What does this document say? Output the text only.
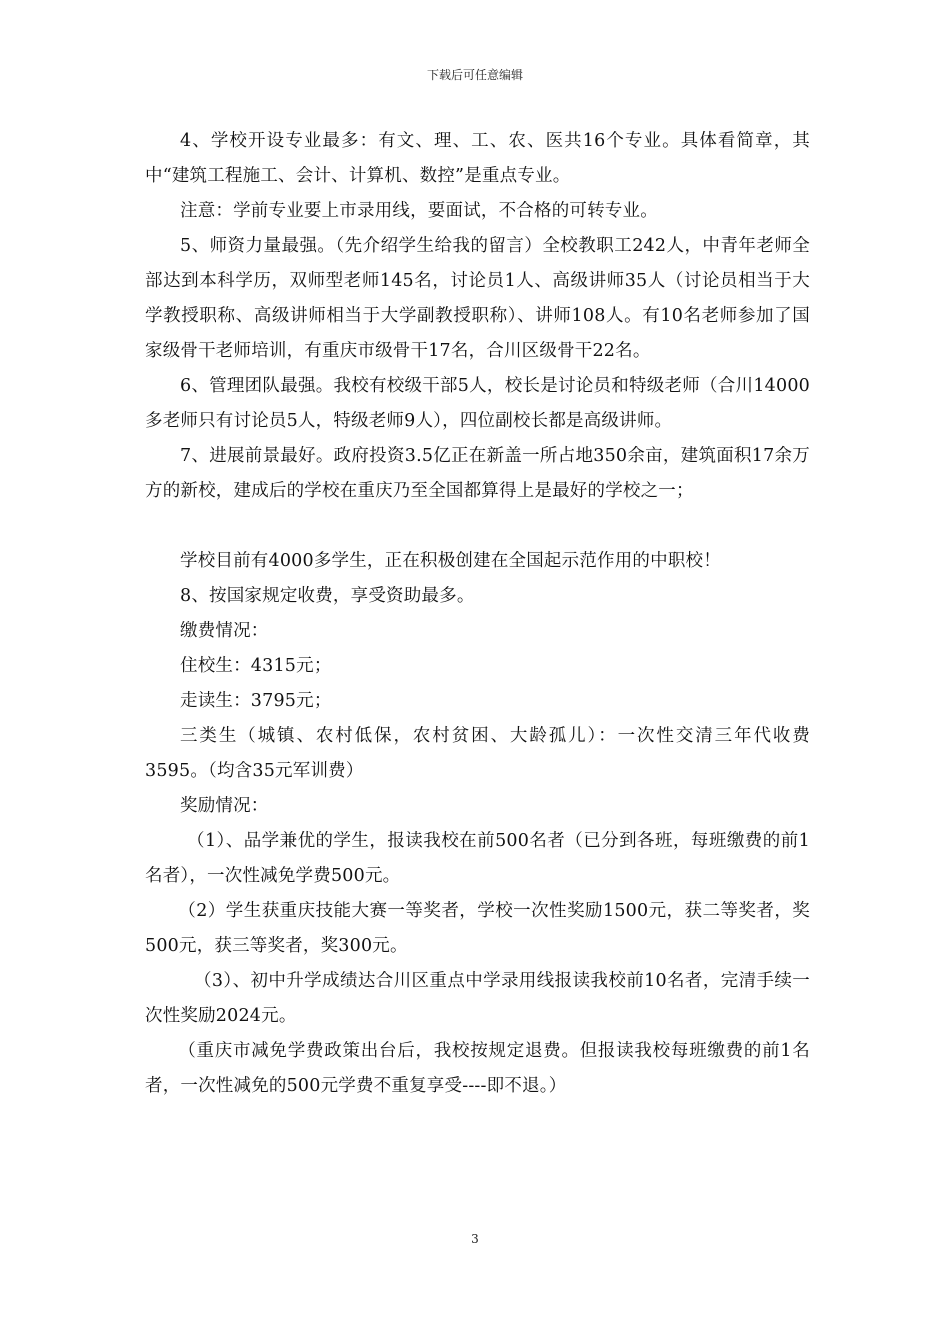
下载后可任意编辑

4、学校开设专业最多：有文、理、工、农、医共16个专业。具体看简章，其中“建筑工程施工、会计、计算机、数控”是重点专业。

注意：学前专业要上市录用线，要面试，不合格的可转专业。

5、师资力量最强。（先介绍学生给我的留言）全校教职工242人，中青年老师全部达到本科学历，双师型老师145名，讨论员1人、高级讲师35人（讨论员相当于大学教授职称、高级讲师相当于大学副教授职称）、讲师108人。有10名老师参加了国家级骨干老师培训，有重庆市级骨干17名，合川区级骨干22名。

6、管理团队最强。我校有校级干部5人，校长是讨论员和特级老师（合川14000多老师只有讨论员5人，特级老师9人），四位副校长都是高级讲师。

7、进展前景最好。政府投资3.5亿正在新盖一所占地350余亩，建筑面积17余万方的新校，建成后的学校在重庆乃至全国都算得上是最好的学校之一；

学校目前有4000多学生，正在积极创建在全国起示范作用的中职校！

8、按国家规定收费，享受资助最多。

缴费情况：

住校生：4315元；

走读生：3795元；

三类生（城镇、农村低保，农村贫困、大龄孤儿）：一次性交清三年代收费3595。（均含35元军训费）

奖励情况：

（1）、品学兼优的学生，报读我校在前500名者（已分到各班，每班缴费的前1名者），一次性减免学费500元。

（2）学生获重庆技能大赛一等奖者，学校一次性奖励1500元，获二等奖者，奖500元，获三等奖者，奖300元。

（3）、初中升学成绩达合川区重点中学录用线报读我校前10名者，完清手续一次性奖励2024元。

（重庆市减免学费政策出台后，我校按规定退费。但报读我校每班缴费的前1名者，一次性减免的500元学费不重复享受----即不退。）

3
